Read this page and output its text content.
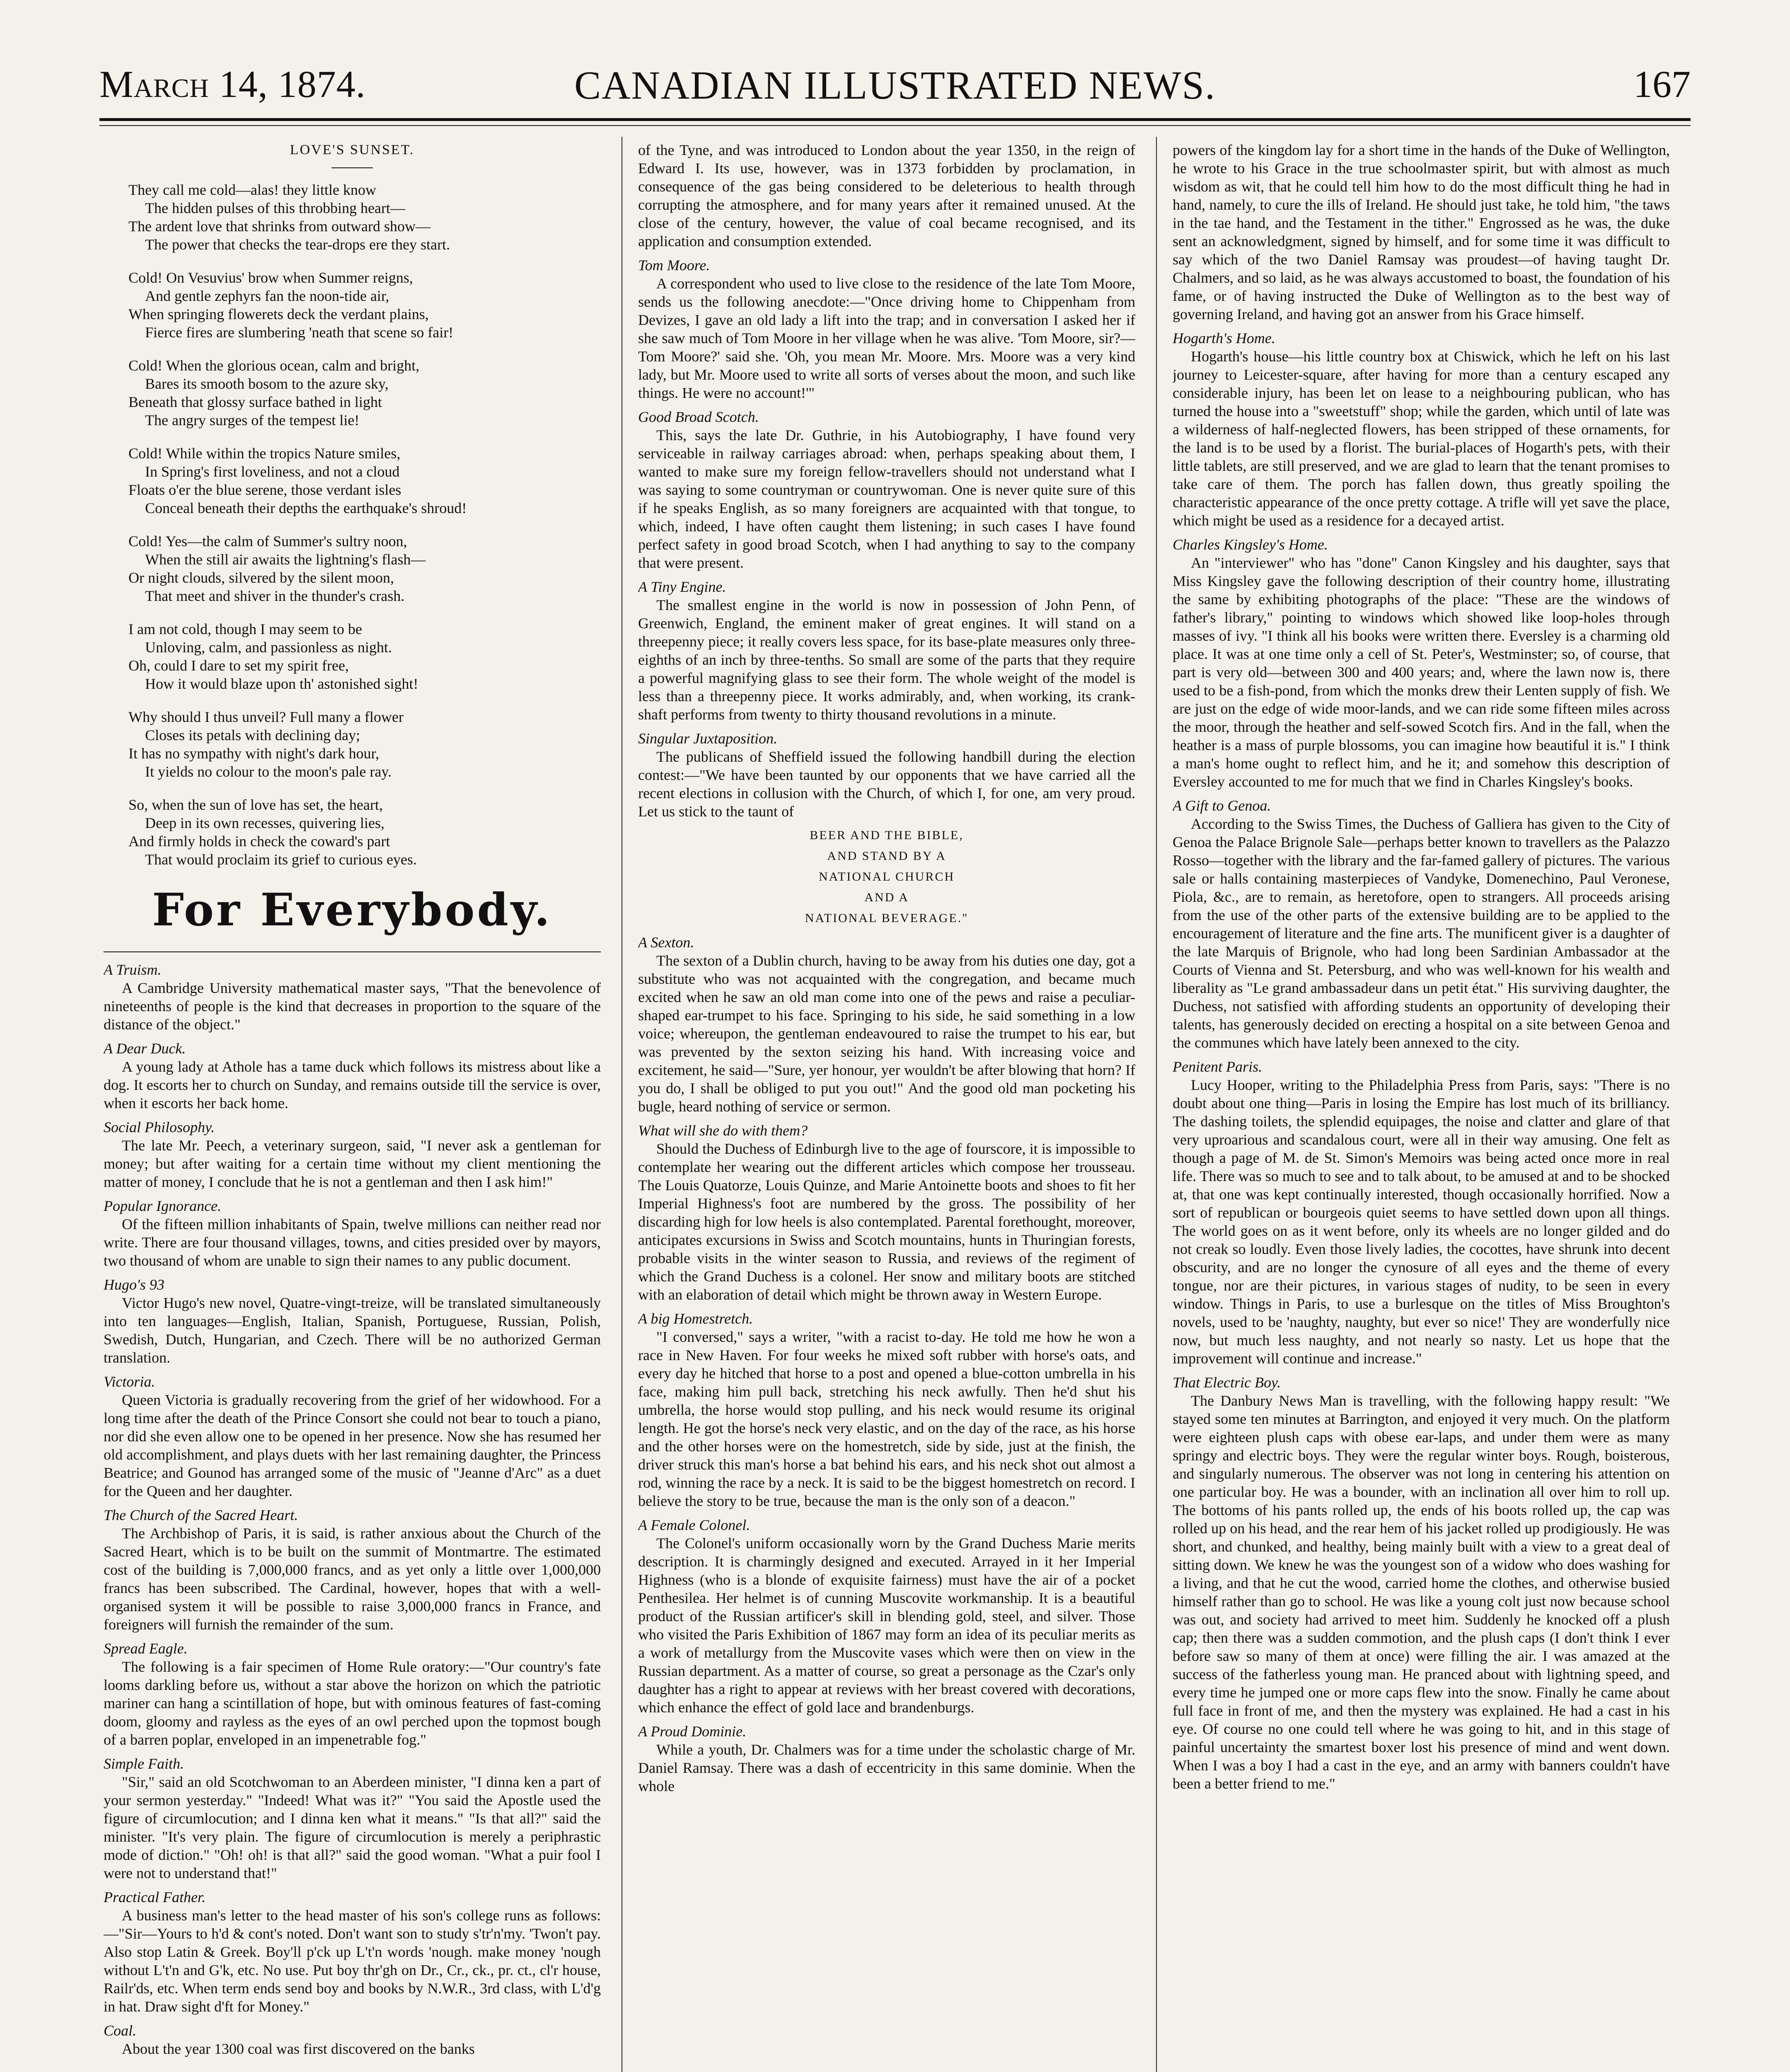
March 14, 1874.	CANADIAN ILLUSTRATED NEWS.	167
LOVE'S SUNSET.

They call me cold—alas! they little know

The hidden pulses of this throbbing heart—

The ardent love that shrinks from outward show—

The power that checks the tear-drops ere they start.

Cold! On Vesuvius' brow when Summer reigns,

And gentle zephyrs fan the noon-tide air,

When springing flowerets deck the verdant plains,

Fierce fires are slumbering 'neath that scene so fair!

Cold! When the glorious ocean, calm and bright,

Bares its smooth bosom to the azure sky,

Beneath that glossy surface bathed in light

The angry surges of the tempest lie!

Cold! While within the tropics Nature smiles,

In Spring's first loveliness, and not a cloud

Floats o'er the blue serene, those verdant isles

Conceal beneath their depths the earthquake's shroud!

Cold! Yes—the calm of Summer's sultry noon,

When the still air awaits the lightning's flash—

Or night clouds, silvered by the silent moon,

That meet and shiver in the thunder's crash.

I am not cold, though I may seem to be

Unloving, calm, and passionless as night.

Oh, could I dare to set my spirit free,

How it would blaze upon th' astonished sight!

Why should I thus unveil? Full many a flower

Closes its petals with declining day;

It has no sympathy with night's dark hour,

It yields no colour to the moon's pale ray.

So, when the sun of love has set, the heart,

Deep in its own recesses, quivering lies,

And firmly holds in check the coward's part

That would proclaim its grief to curious eyes.

For Everybody.
A Truism.

A Cambridge University mathematical master says, "That the benevolence of nineteenths of people is the kind that decreases in proportion to the square of the distance of the object."

A Dear Duck.

A young lady at Athole has a tame duck which follows its mistress about like a dog. It escorts her to church on Sunday, and remains outside till the service is over, when it escorts her back home.

Social Philosophy.

The late Mr. Peech, a veterinary surgeon, said, "I never ask a gentleman for money; but after waiting for a certain time without my client mentioning the matter of money, I conclude that he is not a gentleman and then I ask him!"

Popular Ignorance.

Of the fifteen million inhabitants of Spain, twelve millions can neither read nor write. There are four thousand villages, towns, and cities presided over by mayors, two thousand of whom are unable to sign their names to any public document.

Hugo's 93

Victor Hugo's new novel, Quatre-vingt-treize, will be translated simultaneously into ten languages—English, Italian, Spanish, Portuguese, Russian, Polish, Swedish, Dutch, Hungarian, and Czech. There will be no authorized German translation.

Victoria.

Queen Victoria is gradually recovering from the grief of her widowhood. For a long time after the death of the Prince Consort she could not bear to touch a piano, nor did she even allow one to be opened in her presence. Now she has resumed her old accomplishment, and plays duets with her last remaining daughter, the Princess Beatrice; and Gounod has arranged some of the music of "Jeanne d'Arc" as a duet for the Queen and her daughter.

The Church of the Sacred Heart.

The Archbishop of Paris, it is said, is rather anxious about the Church of the Sacred Heart, which is to be built on the summit of Montmartre. The estimated cost of the building is 7,000,000 francs, and as yet only a little over 1,000,000 francs has been subscribed. The Cardinal, however, hopes that with a well-organised system it will be possible to raise 3,000,000 francs in France, and foreigners will furnish the remainder of the sum.

Spread Eagle.

The following is a fair specimen of Home Rule oratory:—"Our country's fate looms darkling before us, without a star above the horizon on which the patriotic mariner can hang a scintillation of hope, but with ominous features of fast-coming doom, gloomy and rayless as the eyes of an owl perched upon the topmost bough of a barren poplar, enveloped in an impenetrable fog."

Simple Faith.

"Sir," said an old Scotchwoman to an Aberdeen minister, "I dinna ken a part of your sermon yesterday." "Indeed! What was it?" "You said the Apostle used the figure of circumlocution; and I dinna ken what it means." "Is that all?" said the minister. "It's very plain. The figure of circumlocution is merely a periphrastic mode of diction." "Oh! oh! is that all?" said the good woman. "What a puir fool I were not to understand that!"

Practical Father.

A business man's letter to the head master of his son's college runs as follows:—"Sir—Yours to h'd & cont's noted. Don't want son to study s'tr'n'my. 'Twon't pay. Also stop Latin & Greek. Boy'll p'ck up L't'n words 'nough. make money 'nough without L't'n and G'k, etc. No use. Put boy thr'gh on Dr., Cr., ck., pr. ct., cl'r house, Railr'ds, etc. When term ends send boy and books by N.W.R., 3rd class, with L'd'g in hat. Draw sight d'ft for Money."

Coal.

About the year 1300 coal was first discovered on the banks

of the Tyne, and was introduced to London about the year 1350, in the reign of Edward I. Its use, however, was in 1373 forbidden by proclamation, in consequence of the gas being considered to be deleterious to health through corrupting the atmosphere, and for many years after it remained unused. At the close of the century, however, the value of coal became recognised, and its application and consumption extended.

Tom Moore.

A correspondent who used to live close to the residence of the late Tom Moore, sends us the following anecdote:—"Once driving home to Chippenham from Devizes, I gave an old lady a lift into the trap; and in conversation I asked her if she saw much of Tom Moore in her village when he was alive. 'Tom Moore, sir?—Tom Moore?' said she. 'Oh, you mean Mr. Moore. Mrs. Moore was a very kind lady, but Mr. Moore used to write all sorts of verses about the moon, and such like things. He were no account!'"

Good Broad Scotch.

This, says the late Dr. Guthrie, in his Autobiography, I have found very serviceable in railway carriages abroad: when, perhaps speaking about them, I wanted to make sure my foreign fellow-travellers should not understand what I was saying to some countryman or countrywoman. One is never quite sure of this if he speaks English, as so many foreigners are acquainted with that tongue, to which, indeed, I have often caught them listening; in such cases I have found perfect safety in good broad Scotch, when I had anything to say to the company that were present.

A Tiny Engine.

The smallest engine in the world is now in possession of John Penn, of Greenwich, England, the eminent maker of great engines. It will stand on a threepenny piece; it really covers less space, for its base-plate measures only three-eighths of an inch by three-tenths. So small are some of the parts that they require a powerful magnifying glass to see their form. The whole weight of the model is less than a threepenny piece. It works admirably, and, when working, its crank-shaft performs from twenty to thirty thousand revolutions in a minute.

Singular Juxtaposition.

The publicans of Sheffield issued the following handbill during the election contest:—"We have been taunted by our opponents that we have carried all the recent elections in collusion with the Church, of which I, for one, am very proud. Let us stick to the taunt of

BEER AND THE BIBLE,

AND STAND BY A

NATIONAL CHURCH

AND A

NATIONAL BEVERAGE."

A Sexton.

The sexton of a Dublin church, having to be away from his duties one day, got a substitute who was not acquainted with the congregation, and became much excited when he saw an old man come into one of the pews and raise a peculiar-shaped ear-trumpet to his face. Springing to his side, he said something in a low voice; whereupon, the gentleman endeavoured to raise the trumpet to his ear, but was prevented by the sexton seizing his hand. With increasing voice and excitement, he said—"Sure, yer honour, yer wouldn't be after blowing that horn? If you do, I shall be obliged to put you out!" And the good old man pocketing his bugle, heard nothing of service or sermon.

What will she do with them?

Should the Duchess of Edinburgh live to the age of fourscore, it is impossible to contemplate her wearing out the different articles which compose her trousseau. The Louis Quatorze, Louis Quinze, and Marie Antoinette boots and shoes to fit her Imperial Highness's foot are numbered by the gross. The possibility of her discarding high for low heels is also contemplated. Parental forethought, moreover, anticipates excursions in Swiss and Scotch mountains, hunts in Thuringian forests, probable visits in the winter season to Russia, and reviews of the regiment of which the Grand Duchess is a colonel. Her snow and military boots are stitched with an elaboration of detail which might be thrown away in Western Europe.

A big Homestretch.

"I conversed," says a writer, "with a racist to-day. He told me how he won a race in New Haven. For four weeks he mixed soft rubber with horse's oats, and every day he hitched that horse to a post and opened a blue-cotton umbrella in his face, making him pull back, stretching his neck awfully. Then he'd shut his umbrella, the horse would stop pulling, and his neck would resume its original length. He got the horse's neck very elastic, and on the day of the race, as his horse and the other horses were on the homestretch, side by side, just at the finish, the driver struck this man's horse a bat behind his ears, and his neck shot out almost a rod, winning the race by a neck. It is said to be the biggest homestretch on record. I believe the story to be true, because the man is the only son of a deacon."

A Female Colonel.

The Colonel's uniform occasionally worn by the Grand Duchess Marie merits description. It is charmingly designed and executed. Arrayed in it her Imperial Highness (who is a blonde of exquisite fairness) must have the air of a pocket Penthesilea. Her helmet is of cunning Muscovite workmanship. It is a beautiful product of the Russian artificer's skill in blending gold, steel, and silver. Those who visited the Paris Exhibition of 1867 may form an idea of its peculiar merits as a work of metallurgy from the Muscovite vases which were then on view in the Russian department. As a matter of course, so great a personage as the Czar's only daughter has a right to appear at reviews with her breast covered with decorations, which enhance the effect of gold lace and brandenburgs.

A Proud Dominie.

While a youth, Dr. Chalmers was for a time under the scholastic charge of Mr. Daniel Ramsay. There was a dash of eccentricity in this same dominie. When the whole

powers of the kingdom lay for a short time in the hands of the Duke of Wellington, he wrote to his Grace in the true schoolmaster spirit, but with almost as much wisdom as wit, that he could tell him how to do the most difficult thing he had in hand, namely, to cure the ills of Ireland. He should just take, he told him, "the taws in the tae hand, and the Testament in the tither." Engrossed as he was, the duke sent an acknowledgment, signed by himself, and for some time it was difficult to say which of the two Daniel Ramsay was proudest—of having taught Dr. Chalmers, and so laid, as he was always accustomed to boast, the foundation of his fame, or of having instructed the Duke of Wellington as to the best way of governing Ireland, and having got an answer from his Grace himself.

Hogarth's Home.

Hogarth's house—his little country box at Chiswick, which he left on his last journey to Leicester-square, after having for more than a century escaped any considerable injury, has been let on lease to a neighbouring publican, who has turned the house into a "sweetstuff" shop; while the garden, which until of late was a wilderness of half-neglected flowers, has been stripped of these ornaments, for the land is to be used by a florist. The burial-places of Hogarth's pets, with their little tablets, are still preserved, and we are glad to learn that the tenant promises to take care of them. The porch has fallen down, thus greatly spoiling the characteristic appearance of the once pretty cottage. A trifle will yet save the place, which might be used as a residence for a decayed artist.

Charles Kingsley's Home.

An "interviewer" who has "done" Canon Kingsley and his daughter, says that Miss Kingsley gave the following description of their country home, illustrating the same by exhibiting photographs of the place: "These are the windows of father's library," pointing to windows which showed like loop-holes through masses of ivy. "I think all his books were written there. Eversley is a charming old place. It was at one time only a cell of St. Peter's, Westminster; so, of course, that part is very old—between 300 and 400 years; and, where the lawn now is, there used to be a fish-pond, from which the monks drew their Lenten supply of fish. We are just on the edge of wide moor-lands, and we can ride some fifteen miles across the moor, through the heather and self-sowed Scotch firs. And in the fall, when the heather is a mass of purple blossoms, you can imagine how beautiful it is." I think a man's home ought to reflect him, and he it; and somehow this description of Eversley accounted to me for much that we find in Charles Kingsley's books.

A Gift to Genoa.

According to the Swiss Times, the Duchess of Galliera has given to the City of Genoa the Palace Brignole Sale—perhaps better known to travellers as the Palazzo Rosso—together with the library and the far-famed gallery of pictures. The various sale or halls containing masterpieces of Vandyke, Domenechino, Paul Veronese, Piola, &c., are to remain, as heretofore, open to strangers. All proceeds arising from the use of the other parts of the extensive building are to be applied to the encouragement of literature and the fine arts. The munificent giver is a daughter of the late Marquis of Brignole, who had long been Sardinian Ambassador at the Courts of Vienna and St. Petersburg, and who was well-known for his wealth and liberality as "Le grand ambassadeur dans un petit état." His surviving daughter, the Duchess, not satisfied with affording students an opportunity of developing their talents, has generously decided on erecting a hospital on a site between Genoa and the communes which have lately been annexed to the city.

Penitent Paris.

Lucy Hooper, writing to the Philadelphia Press from Paris, says: "There is no doubt about one thing—Paris in losing the Empire has lost much of its brilliancy. The dashing toilets, the splendid equipages, the noise and clatter and glare of that very uproarious and scandalous court, were all in their way amusing. One felt as though a page of M. de St. Simon's Memoirs was being acted once more in real life. There was so much to see and to talk about, to be amused at and to be shocked at, that one was kept continually interested, though occasionally horrified. Now a sort of republican or bourgeois quiet seems to have settled down upon all things. The world goes on as it went before, only its wheels are no longer gilded and do not creak so loudly. Even those lively ladies, the cocottes, have shrunk into decent obscurity, and are no longer the cynosure of all eyes and the theme of every tongue, nor are their pictures, in various stages of nudity, to be seen in every window. Things in Paris, to use a burlesque on the titles of Miss Broughton's novels, used to be 'naughty, naughty, but ever so nice!' They are wonderfully nice now, but much less naughty, and not nearly so nasty. Let us hope that the improvement will continue and increase."

That Electric Boy.

The Danbury News Man is travelling, with the following happy result: "We stayed some ten minutes at Barrington, and enjoyed it very much. On the platform were eighteen plush caps with obese ear-laps, and under them were as many springy and electric boys. They were the regular winter boys. Rough, boisterous, and singularly numerous. The observer was not long in centering his attention on one particular boy. He was a bounder, with an inclination all over him to roll up. The bottoms of his pants rolled up, the ends of his boots rolled up, the cap was rolled up on his head, and the rear hem of his jacket rolled up prodigiously. He was short, and chunked, and healthy, being mainly built with a view to a great deal of sitting down. We knew he was the youngest son of a widow who does washing for a living, and that he cut the wood, carried home the clothes, and otherwise busied himself rather than go to school. He was like a young colt just now because school was out, and society had arrived to meet him. Suddenly he knocked off a plush cap; then there was a sudden commotion, and the plush caps (I don't think I ever before saw so many of them at once) were filling the air. I was amazed at the success of the fatherless young man. He pranced about with lightning speed, and every time he jumped one or more caps flew into the snow. Finally he came about full face in front of me, and then the mystery was explained. He had a cast in his eye. Of course no one could tell where he was going to hit, and in this stage of painful uncertainty the smartest boxer lost his presence of mind and went down. When I was a boy I had a cast in the eye, and an army with banners couldn't have been a better friend to me."
